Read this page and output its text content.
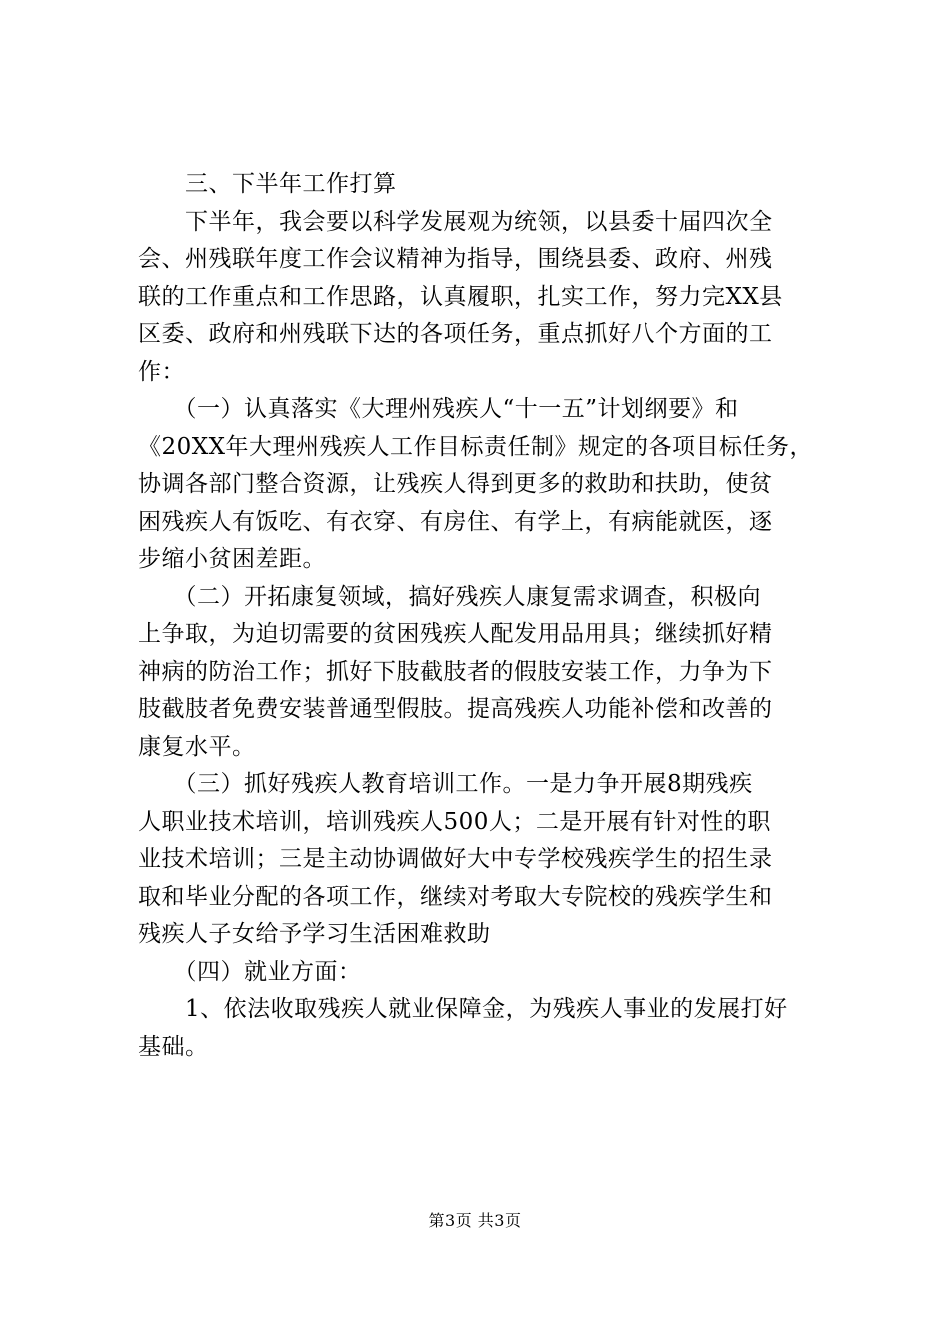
　　三、下半年工作打算
　　下半年，我会要以科学发展观为统领，以县委十届四次全
会、州残联年度工作会议精神为指导，围绕县委、政府、州残
联的工作重点和工作思路，认真履职，扎实工作，努力完XX县
区委、政府和州残联下达的各项任务，重点抓好八个方面的工
作：
　　（一）认真落实《大理州残疾人“十一五”计划纲要》和
《20XX年大理州残疾人工作目标责任制》规定的各项目标任务，
协调各部门整合资源，让残疾人得到更多的救助和扶助，使贫
困残疾人有饭吃、有衣穿、有房住、有学上，有病能就医，逐
步缩小贫困差距。
　　（二）开拓康复领域，搞好残疾人康复需求调查，积极向
上争取，为迫切需要的贫困残疾人配发用品用具；继续抓好精
神病的防治工作；抓好下肢截肢者的假肢安装工作，力争为下
肢截肢者免费安装普通型假肢。提高残疾人功能补偿和改善的
康复水平。
　　（三）抓好残疾人教育培训工作。一是力争开展8期残疾
人职业技术培训，培训残疾人500人；二是开展有针对性的职
业技术培训；三是主动协调做好大中专学校残疾学生的招生录
取和毕业分配的各项工作，继续对考取大专院校的残疾学生和
残疾人子女给予学习生活困难救助
　　（四）就业方面：
　　1、依法收取残疾人就业保障金，为残疾人事业的发展打好
基础。
第3页 共3页
